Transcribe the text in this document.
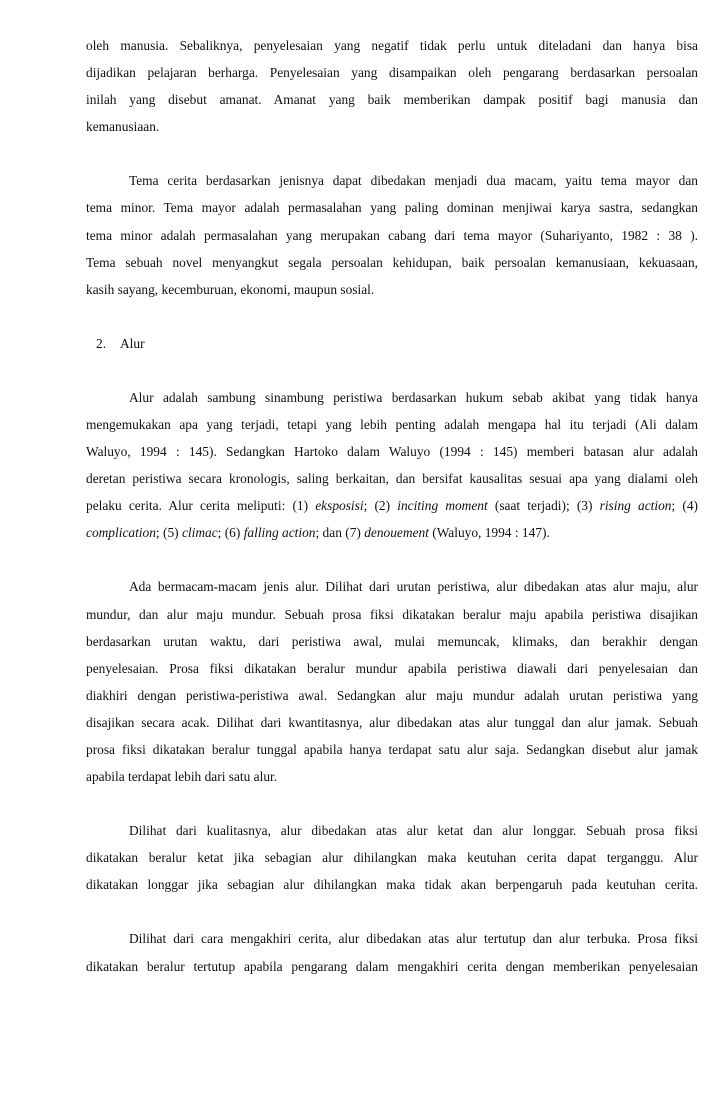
oleh manusia. Sebaliknya, penyelesaian yang negatif tidak perlu untuk diteladani dan hanya bisa

dijadikan pelajaran berharga. Penyelesaian yang disampaikan oleh pengarang berdasarkan persoalan

inilah yang disebut amanat. Amanat yang baik memberikan dampak positif bagi manusia dan

kemanusiaan.

Tema cerita berdasarkan jenisnya dapat dibedakan menjadi dua macam, yaitu tema mayor dan

tema minor. Tema mayor adalah permasalahan yang paling dominan menjiwai karya sastra, sedangkan

tema minor adalah permasalahan yang merupakan cabang dari tema mayor (Suhariyanto, 1982 : 38 ).

Tema sebuah novel menyangkut segala persoalan kehidupan, baik persoalan kemanusiaan, kekuasaan,

kasih sayang, kecemburuan, ekonomi, maupun sosial.

2. Alur

Alur adalah sambung sinambung peristiwa berdasarkan hukum sebab akibat yang tidak hanya

mengemukakan apa yang terjadi, tetapi yang lebih penting adalah mengapa hal itu terjadi (Ali dalam

Waluyo, 1994 : 145). Sedangkan Hartoko dalam Waluyo (1994 : 145) memberi batasan alur adalah

deretan peristiwa secara kronologis, saling berkaitan, dan bersifat kausalitas sesuai apa yang dialami oleh

pelaku cerita. Alur cerita meliputi: (1) eksposisi; (2) inciting moment (saat terjadi); (3) rising action; (4)

complication; (5) climac; (6) falling action; dan (7) denouement (Waluyo, 1994 : 147).

Ada bermacam-macam jenis alur. Dilihat dari urutan peristiwa, alur dibedakan atas alur maju, alur

mundur, dan alur maju mundur. Sebuah prosa fiksi dikatakan beralur maju apabila peristiwa disajikan

berdasarkan urutan waktu, dari peristiwa awal, mulai memuncak, klimaks, dan berakhir dengan

penyelesaian. Prosa fiksi dikatakan beralur mundur apabila peristiwa diawali dari penyelesaian dan

diakhiri dengan peristiwa-peristiwa awal. Sedangkan alur maju mundur adalah urutan peristiwa yang

disajikan secara acak. Dilihat dari kwantitasnya, alur dibedakan atas alur tunggal dan alur jamak. Sebuah

prosa fiksi dikatakan beralur tunggal apabila hanya terdapat satu alur saja. Sedangkan disebut alur jamak

apabila terdapat lebih dari satu alur.

Dilihat dari kualitasnya, alur dibedakan atas alur ketat dan alur longgar. Sebuah prosa fiksi

dikatakan beralur ketat jika sebagian alur dihilangkan maka keutuhan cerita dapat terganggu. Alur

dikatakan longgar jika sebagian alur dihilangkan maka tidak akan berpengaruh pada keutuhan cerita.

Dilihat dari cara mengakhiri cerita, alur dibedakan atas alur tertutup dan alur terbuka. Prosa fiksi

dikatakan beralur tertutup apabila pengarang dalam mengakhiri cerita dengan memberikan penyelesaian
